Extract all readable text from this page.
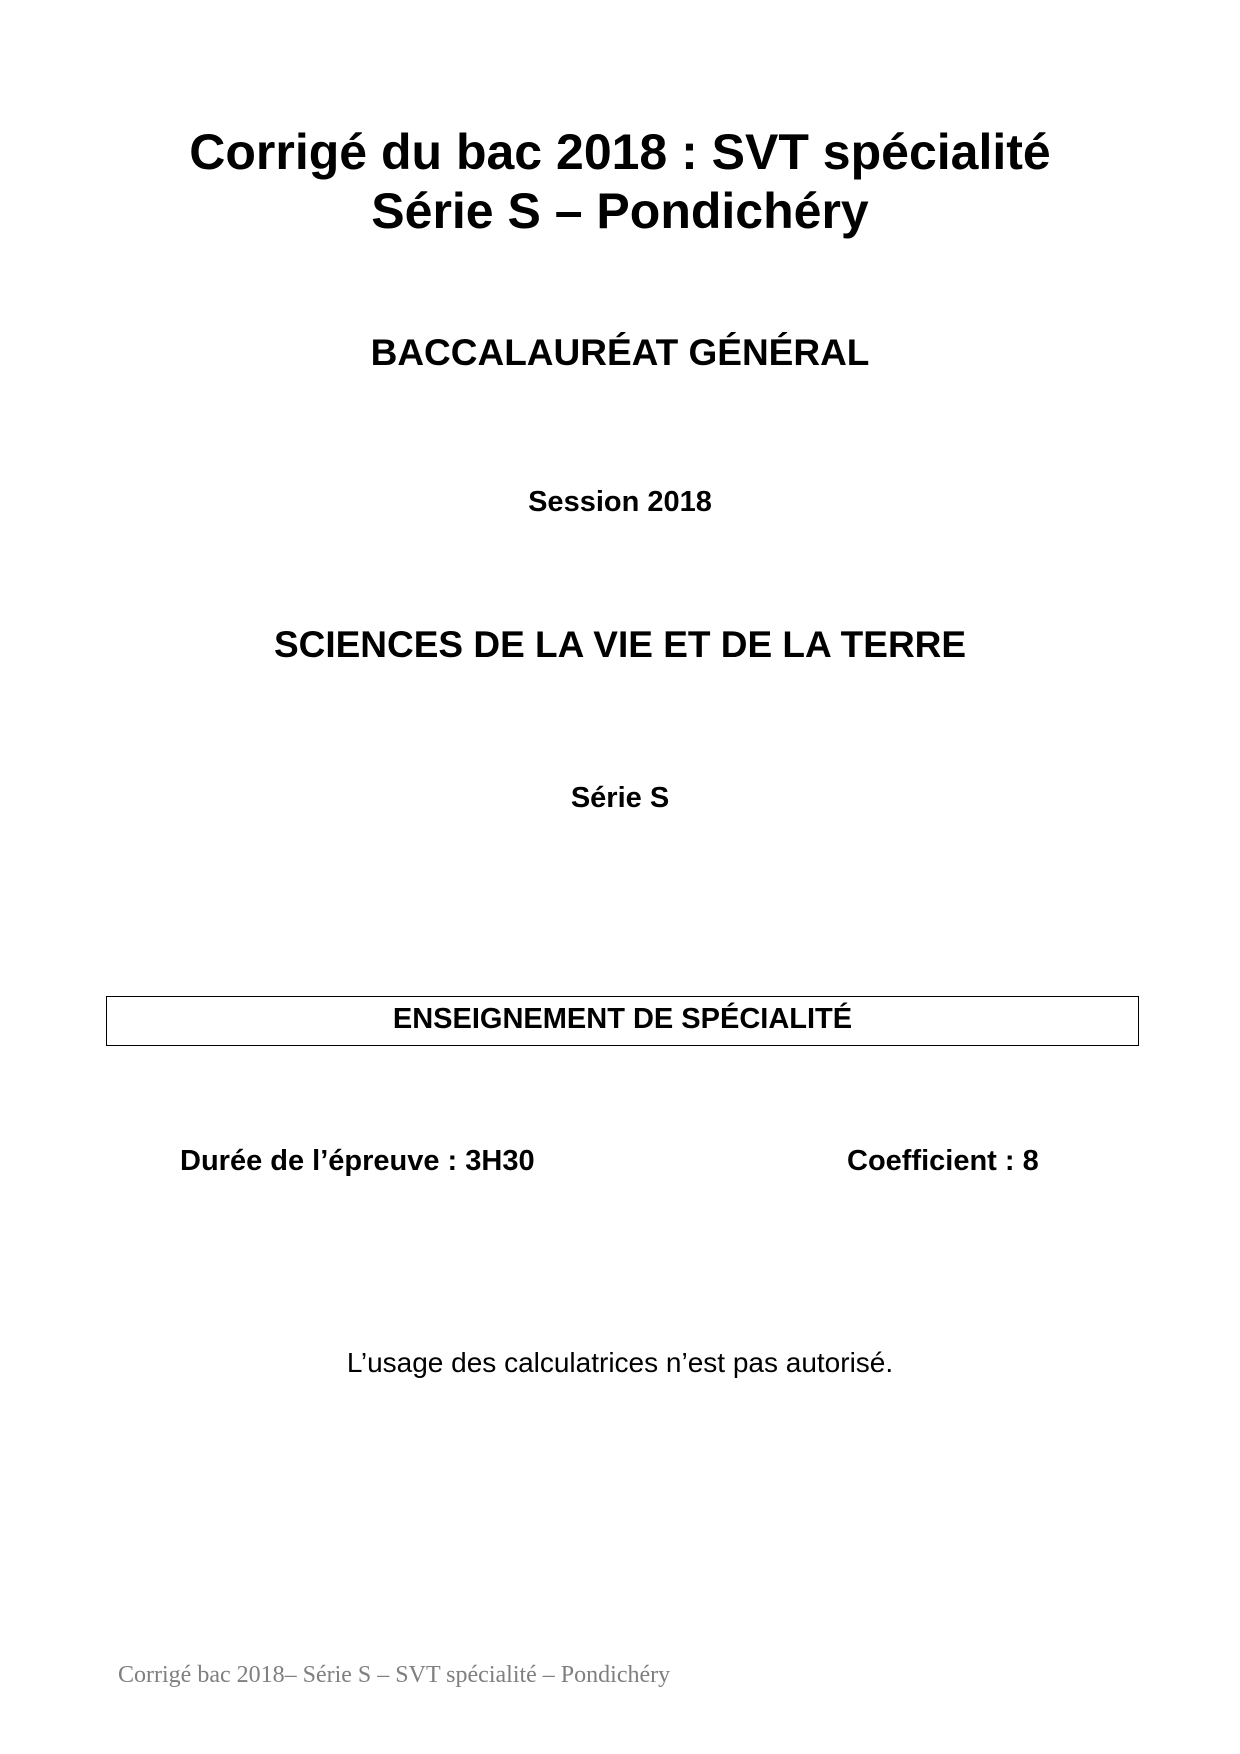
Corrigé du bac 2018 : SVT spécialité
Série S – Pondichéry
BACCALAURÉAT GÉNÉRAL
Session 2018
SCIENCES DE LA VIE ET DE LA TERRE
Série S
ENSEIGNEMENT DE SPÉCIALITÉ
Durée de l’épreuve : 3H30	Coefficient : 8
L’usage des calculatrices n’est pas autorisé.
Corrigé bac 2018– Série S – SVT spécialité – Pondichéry
